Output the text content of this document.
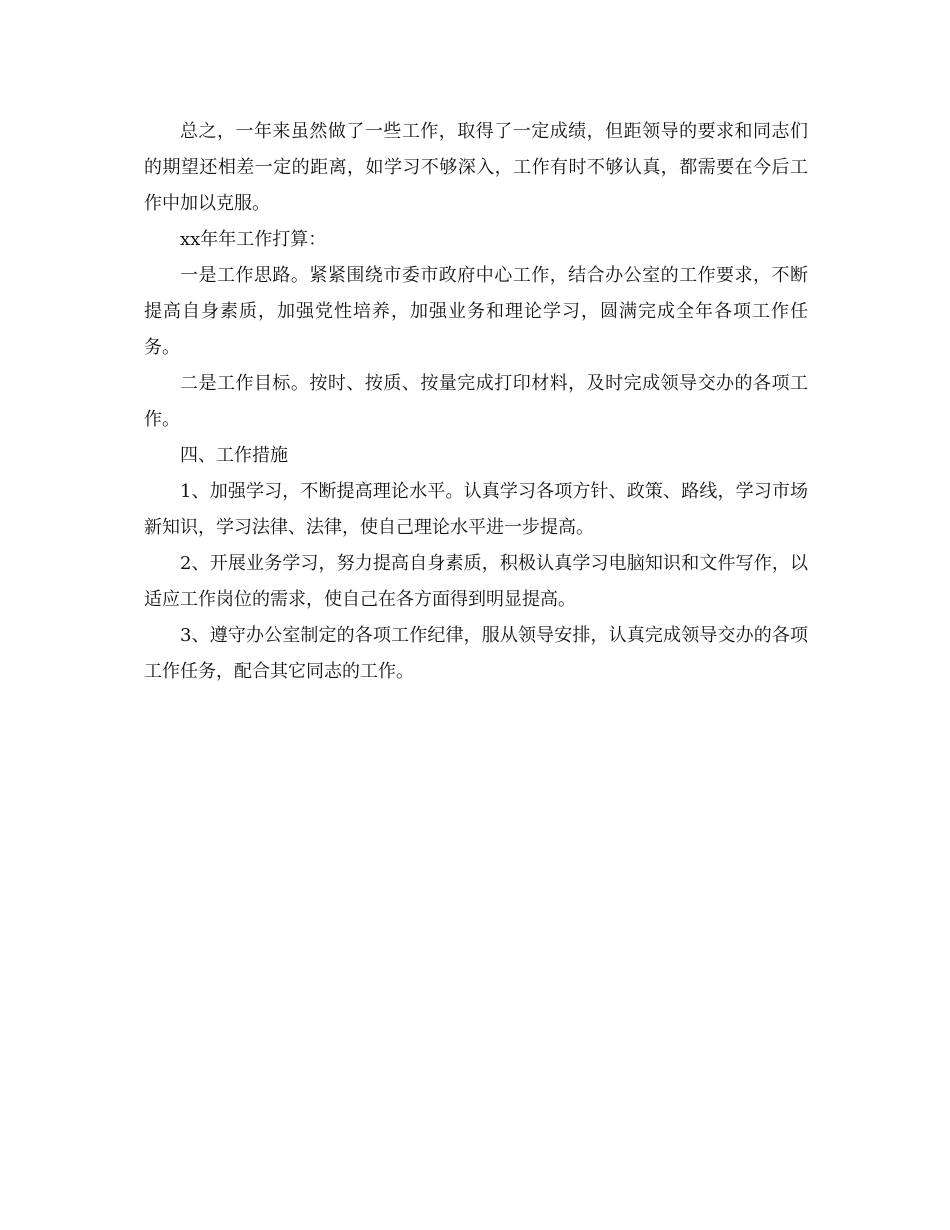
总之，一年来虽然做了一些工作，取得了一定成绩，但距领导的要求和同志们的期望还相差一定的距离，如学习不够深入，工作有时不够认真，都需要在今后工作中加以克服。

xx年年工作打算：

一是工作思路。紧紧围绕市委市政府中心工作，结合办公室的工作要求，不断提高自身素质，加强党性培养，加强业务和理论学习，圆满完成全年各项工作任务。

二是工作目标。按时、按质、按量完成打印材料，及时完成领导交办的各项工作。

四、工作措施

1、加强学习，不断提高理论水平。认真学习各项方针、政策、路线，学习市场新知识，学习法律、法律，使自己理论水平进一步提高。

2、开展业务学习，努力提高自身素质，积极认真学习电脑知识和文件写作，以适应工作岗位的需求，使自己在各方面得到明显提高。

3、遵守办公室制定的各项工作纪律，服从领导安排，认真完成领导交办的各项工作任务，配合其它同志的工作。
